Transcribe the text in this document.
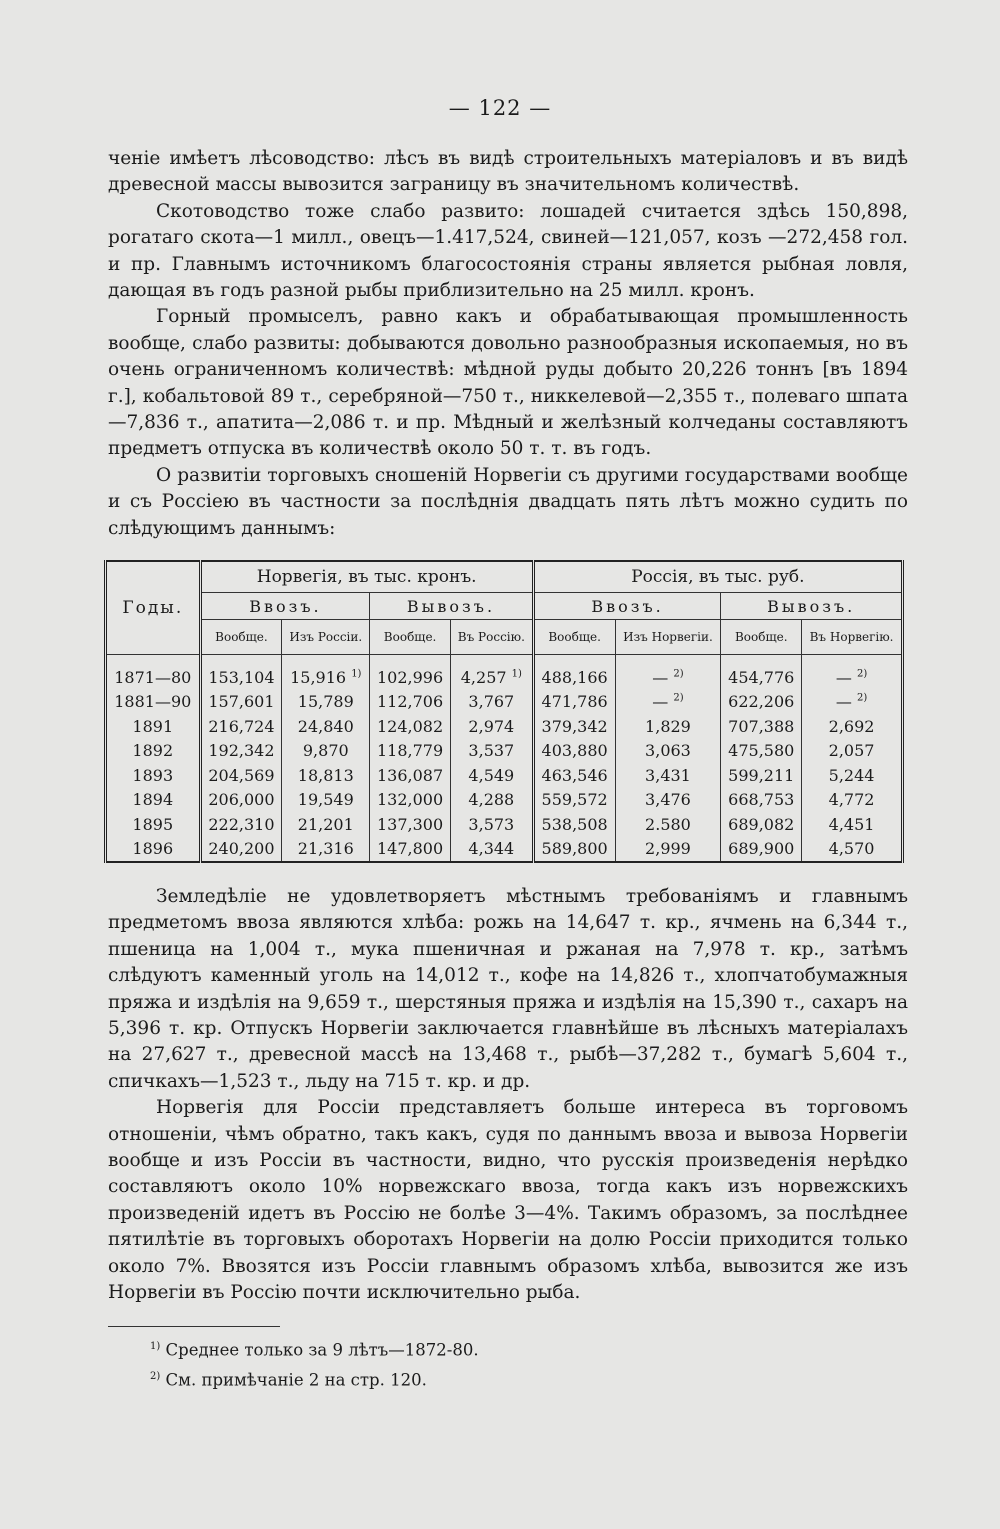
— 122 —

ченіе имѣетъ лѣсоводство: лѣсъ въ видѣ строительныхъ матеріаловъ и въ видѣ древесной массы вывозится заграницу въ значительномъ количествѣ.

Скотоводство тоже слабо развито: лошадей считается здѣсь 150,898, рогатаго скота—1 милл., овецъ—1.417,524, свиней—121,057, козъ —272,458 гол. и пр. Главнымъ источникомъ благосостоянія страны является рыбная ловля, дающая въ годъ разной рыбы приблизительно на 25 милл. кронъ.

Горный промыселъ, равно какъ и обрабатывающая промышленность вообще, слабо развиты: добываются довольно разнообразныя ископаемыя, но въ очень ограниченномъ количествѣ: мѣдной руды добыто 20,226 тоннъ [въ 1894 г.], кобальтовой 89 т., серебряной—750 т., никкелевой—2,355 т., полеваго шпата—7,836 т., апатита—2,086 т. и пр. Мѣдный и желѣзный колчеданы составляютъ предметъ отпуска въ количествѣ около 50 т. т. въ годъ.

О развитіи торговыхъ сношеній Норвегіи съ другими государствами вообще и съ Россіею въ частности за послѣднія двадцать пять лѣтъ можно судить по слѣдующимъ даннымъ:

Годы.	Норвегія, въ тыс. кронъ.				Россія, въ тыс. руб.			
	Ввозъ.		Вывозъ.		Ввозъ.		Вывозъ.	
	Вообще.	Изъ Россіи.	Вообще.	Въ Россію.	Вообще.	Изъ Норвегіи.	Вообще.	Въ Норвегію.
1871—80	153,104	15,916 $^{1)}$	102,996	4,257 $^{1)}$	488,166	— $^{2)}$	454,776	— $^{2)}$
1881—90	157,601	15,789	112,706	3,767	471,786	— $^{2)}$	622,206	— $^{2)}$
1891	216,724	24,840	124,082	2,974	379,342	1,829	707,388	2,692
1892	192,342	9,870	118,779	3,537	403,880	3,063	475,580	2,057
1893	204,569	18,813	136,087	4,549	463,546	3,431	599,211	5,244
1894	206,000	19,549	132,000	4,288	559,572	3,476	668,753	4,772
1895	222,310	21,201	137,300	3,573	538,508	2.580	689,082	4,451
1896	240,200	21,316	147,800	4,344	589,800	2,999	689,900	4,570

Земледѣліе не удовлетворяетъ мѣстнымъ требованіямъ и главнымъ предметомъ ввоза являются хлѣба: рожь на 14,647 т. кр., ячмень на 6,344 т., пшеница на 1,004 т., мука пшеничная и ржаная на 7,978 т. кр., затѣмъ слѣдуютъ каменный уголь на 14,012 т., кофе на 14,826 т., хлопчатобумажныя пряжа и издѣлія на 9,659 т., шерстяныя пряжа и издѣлія на 15,390 т., сахаръ на 5,396 т. кр. Отпускъ Норвегіи заключается главнѣйше въ лѣсныхъ матеріалахъ на 27,627 т., древесной массѣ на 13,468 т., рыбѣ—37,282 т., бумагѣ 5,604 т., спичкахъ—1,523 т., льду на 715 т. кр. и др.

Норвегія для Россіи представляетъ больше интереса въ торговомъ отношеніи, чѣмъ обратно, такъ какъ, судя по даннымъ ввоза и вывоза Норвегіи вообще и изъ Россіи въ частности, видно, что русскія произведенія нерѣдко составляютъ около 10% норвежскаго ввоза, тогда какъ изъ норвежскихъ произведеній идетъ въ Россію не болѣе 3—4%. Такимъ образомъ, за послѣднее пятилѣтіе въ торговыхъ оборотахъ Норвегіи на долю Россіи приходится только около 7%. Ввозятся изъ Россіи главнымъ образомъ хлѣба, вывозится же изъ Норвегіи въ Россію почти исключительно рыба.

$^{1)}$ Среднее только за 9 лѣтъ—1872-80.
$^{2)}$ См. примѣчаніе 2 на стр. 120.
